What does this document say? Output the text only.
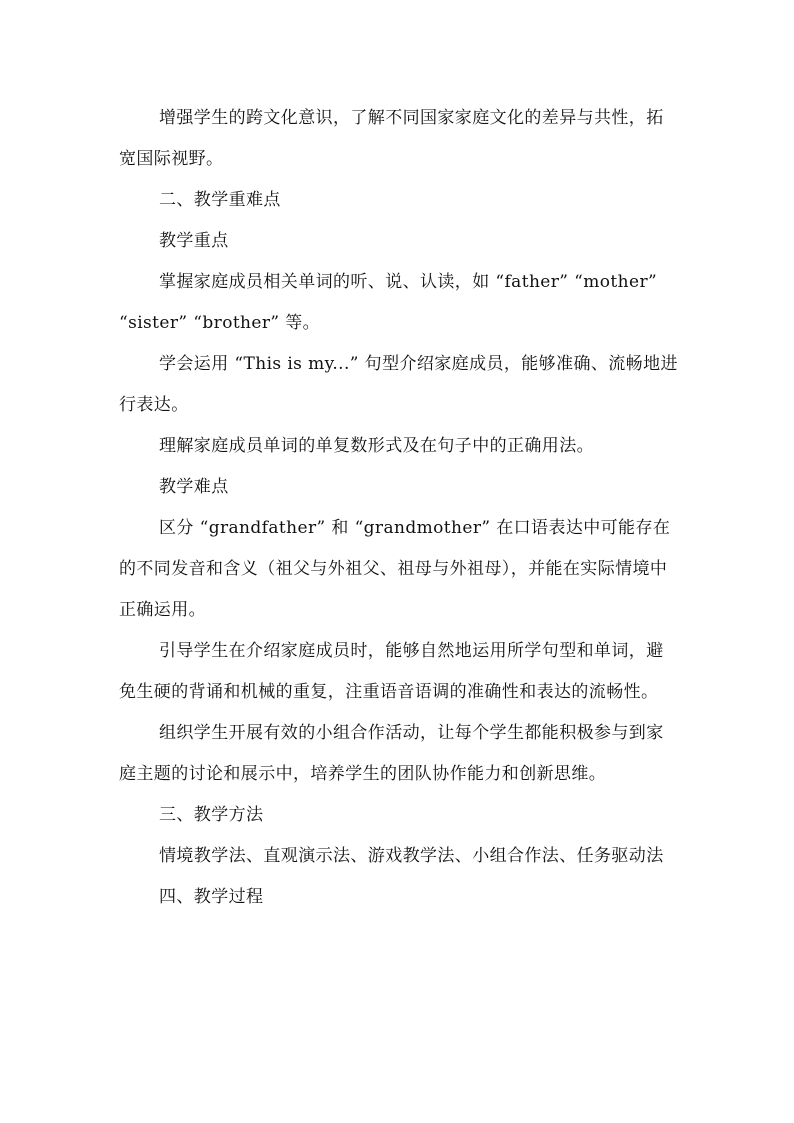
增强学生的跨文化意识，了解不同国家家庭文化的差异与共性，拓宽国际视野。

二、教学重难点

教学重点

掌握家庭成员相关单词的听、说、认读，如 “father” “mother” “sister” “brother” 等。

学会运用 “This is my...” 句型介绍家庭成员，能够准确、流畅地进行表达。

理解家庭成员单词的单复数形式及在句子中的正确用法。

教学难点

区分 “grandfather” 和 “grandmother” 在口语表达中可能存在的不同发音和含义（祖父与外祖父、祖母与外祖母），并能在实际情境中正确运用。

引导学生在介绍家庭成员时，能够自然地运用所学句型和单词，避免生硬的背诵和机械的重复，注重语音语调的准确性和表达的流畅性。

组织学生开展有效的小组合作活动，让每个学生都能积极参与到家庭主题的讨论和展示中，培养学生的团队协作能力和创新思维。

三、教学方法

情境教学法、直观演示法、游戏教学法、小组合作法、任务驱动法

四、教学过程
